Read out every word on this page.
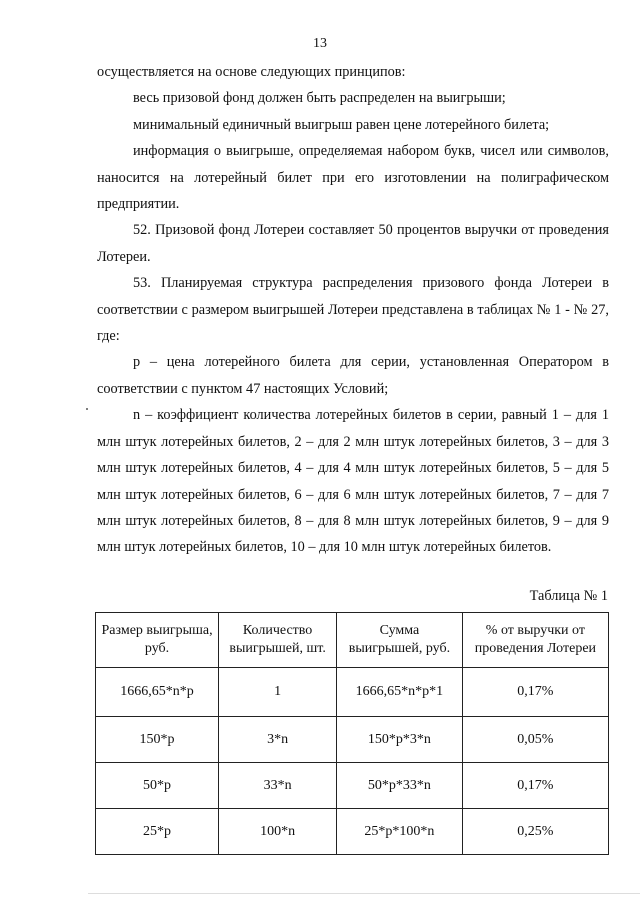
13

осуществляется на основе следующих принципов:

весь призовой фонд должен быть распределен на выигрыши;

минимальный единичный выигрыш равен цене лотерейного билета;

информация о выигрыше, определяемая набором букв, чисел или символов, наносится на лотерейный билет при его изготовлении на полиграфическом предприятии.

52. Призовой фонд Лотереи составляет 50 процентов выручки от проведения Лотереи.

53. Планируемая структура распределения призового фонда Лотереи в соответствии с размером выигрышей Лотереи представлена в таблицах № 1 - № 27, где:

p – цена лотерейного билета для серии, установленная Оператором в соответствии с пунктом 47 настоящих Условий;

n – коэффициент количества лотерейных билетов в серии, равный 1 – для 1 млн штук лотерейных билетов, 2 – для 2 млн штук лотерейных билетов, 3 – для 3 млн штук лотерейных билетов, 4 – для 4 млн штук лотерейных билетов, 5 – для 5 млн штук лотерейных билетов, 6 – для 6 млн штук лотерейных билетов, 7 – для 7 млн штук лотерейных билетов, 8 – для 8 млн штук лотерейных билетов, 9 – для 9 млн штук лотерейных билетов, 10 – для 10 млн штук лотерейных билетов.

Таблица № 1
Размер выигрыша, руб.	Количество выигрышей, шт.	Сумма выигрышей, руб.	% от выручки от проведения Лотереи
1666,65*n*p	1	1666,65*n*p*1	0,17%
150*p	3*n	150*p*3*n	0,05%
50*p	33*n	50*p*33*n	0,17%
25*p	100*n	25*p*100*n	0,25%
